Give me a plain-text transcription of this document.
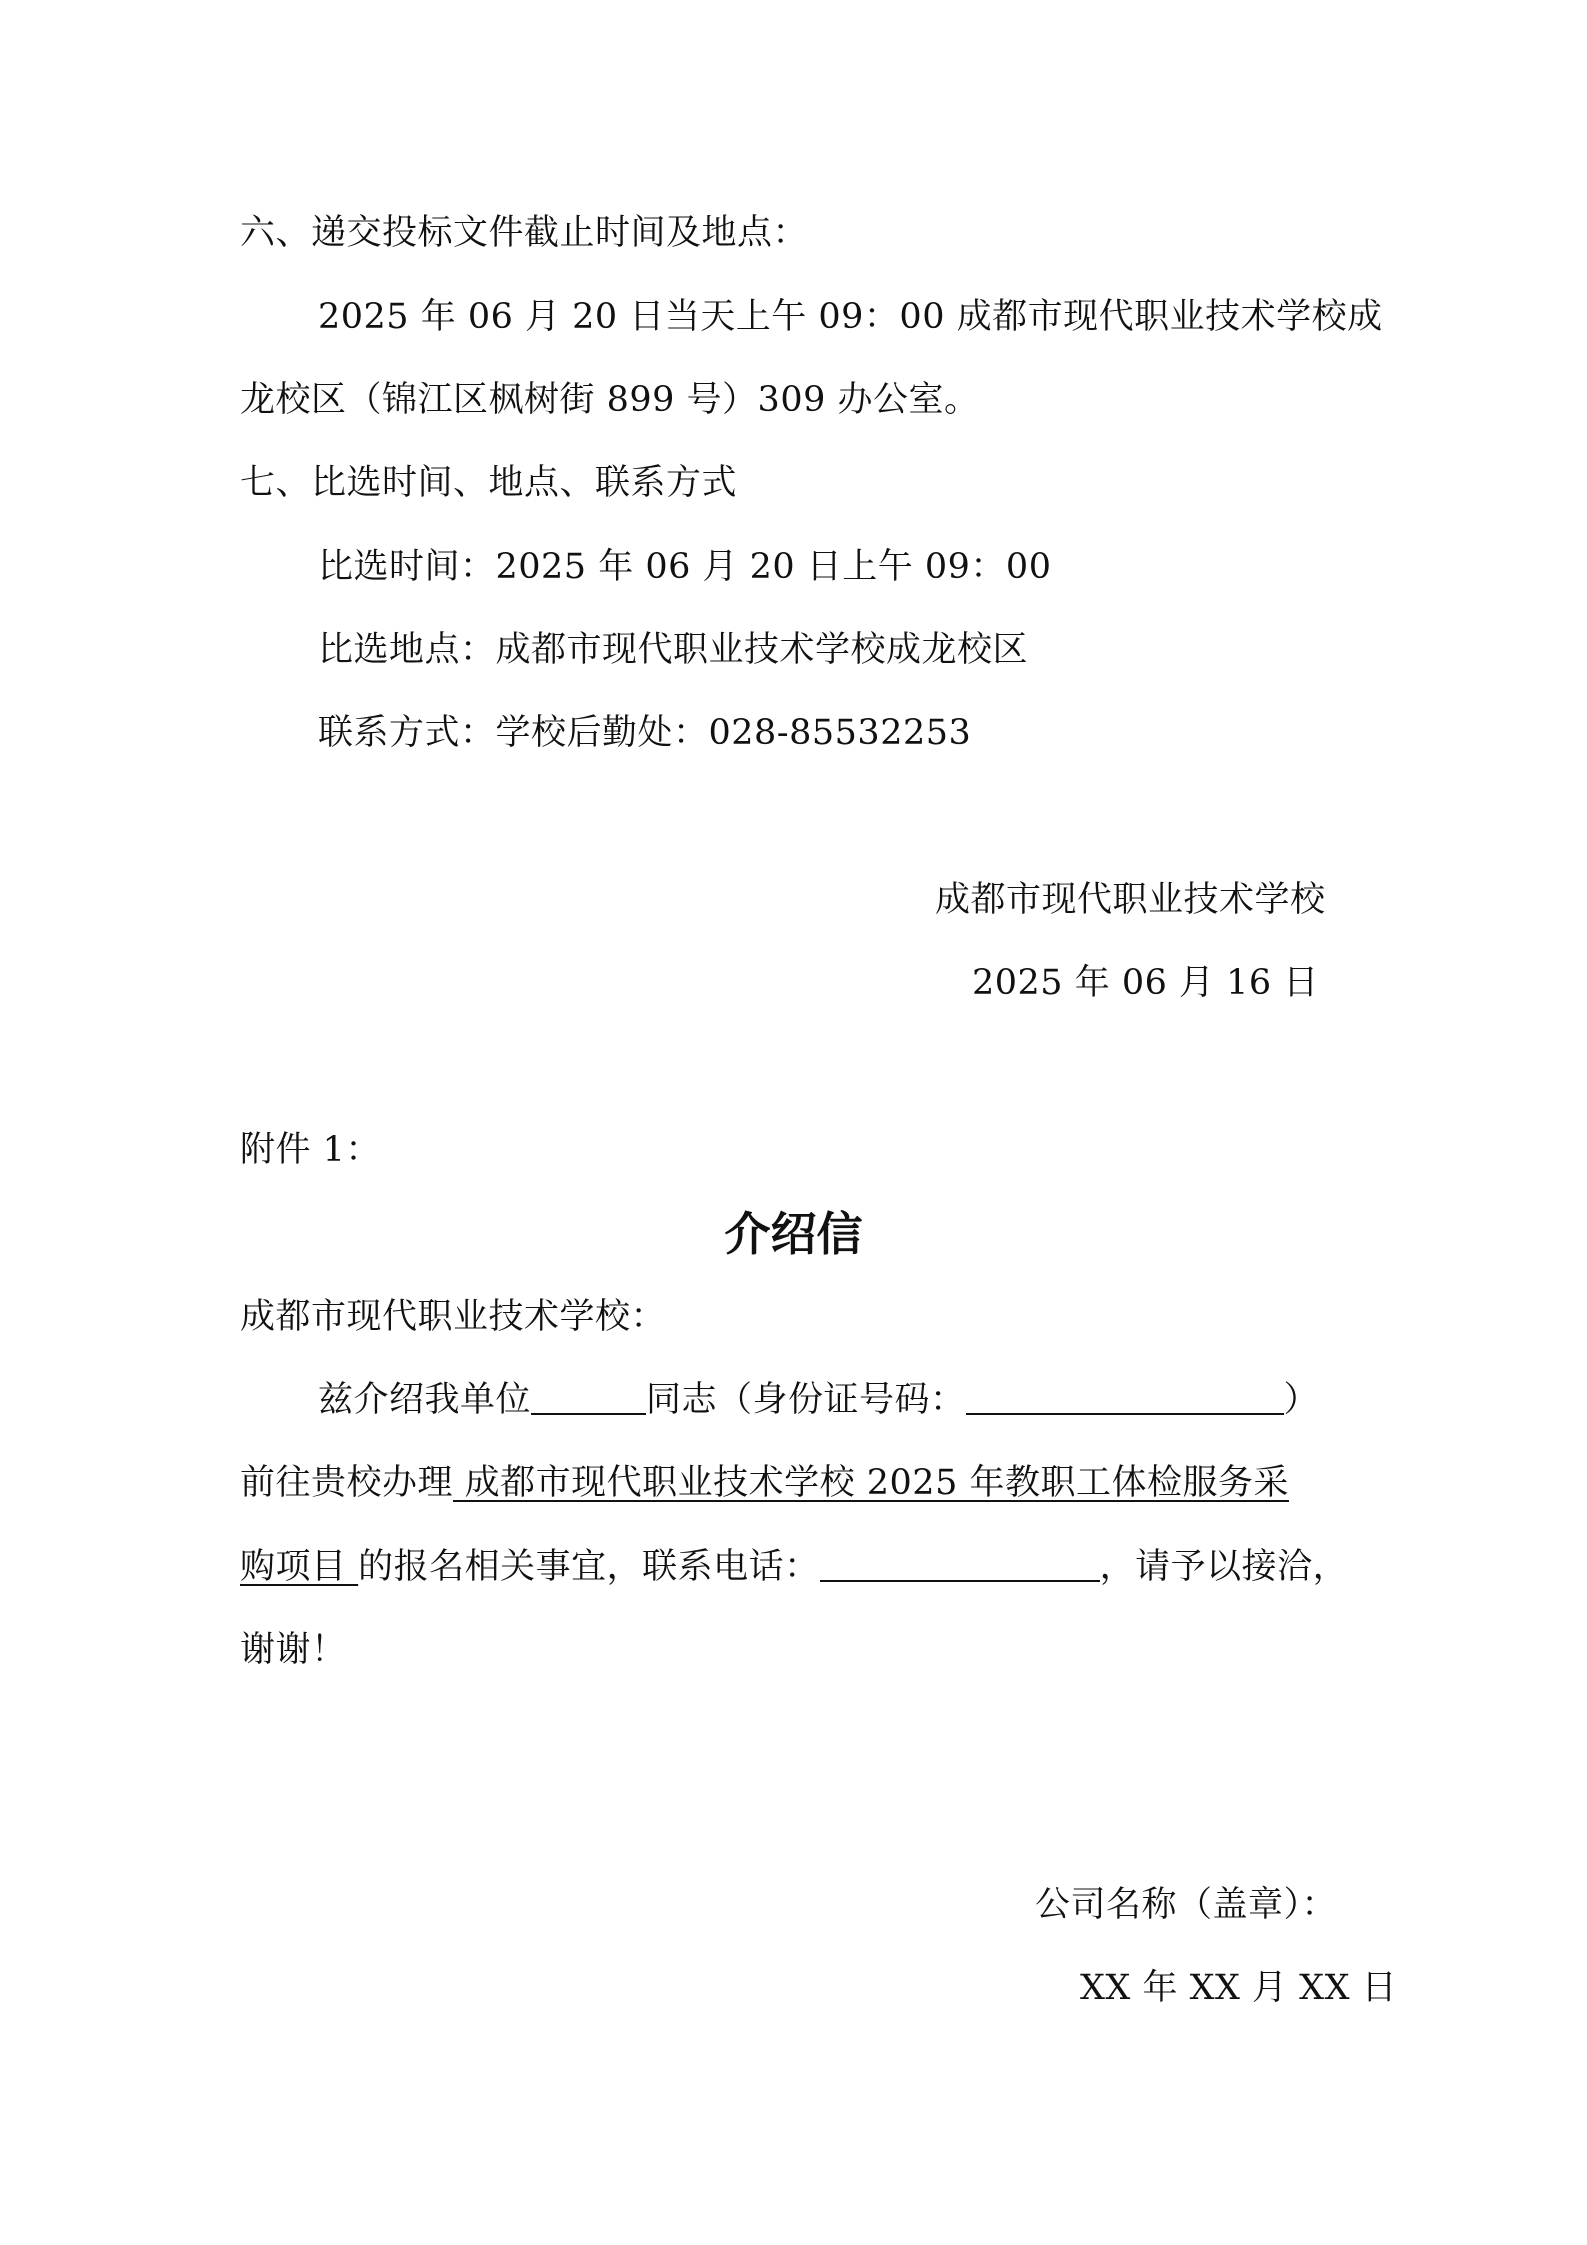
六、递交投标文件截止时间及地点：
2025 年 06 月 20 日当天上午 09：00 成都市现代职业技术学校成
龙校区（锦江区枫树街 899 号）309 办公室。
七、比选时间、地点、联系方式
比选时间：2025 年 06 月 20 日上午 09：00
比选地点：成都市现代职业技术学校成龙校区
联系方式：学校后勤处：028-85532253
成都市现代职业技术学校
2025 年 06 月 16 日
附件 1：
介绍信
成都市现代职业技术学校：
兹介绍我单位	同志（身份证号码：	）
前往贵校办理 成都市现代职业技术学校 2025 年教职工体检服务采
购项目 的报名相关事宜，联系电话：	，请予以接洽，
谢谢！
公司名称（盖章）：
XX 年 XX 月 XX 日
